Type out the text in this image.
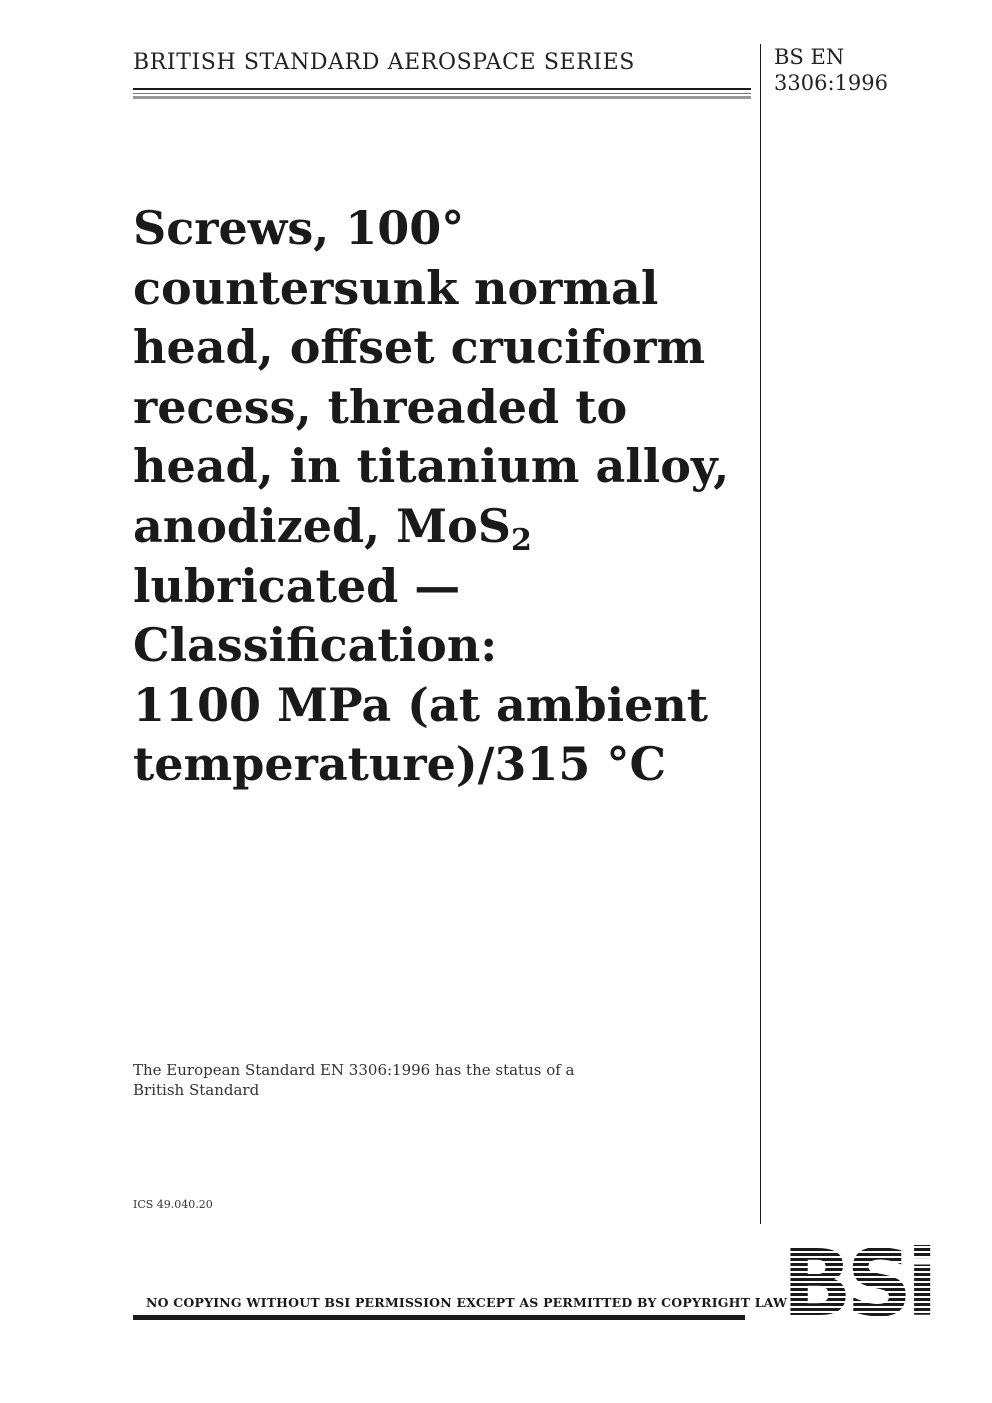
BRITISH STANDARD AEROSPACE SERIES	BS EN
3306:1996
Screws, 100°
countersunk normal
head, offset cruciform
recess, threaded to
head, in titanium alloy,
anodized, MoS$_2$
lubricated —
Classification:
1100 MPa (at ambient
temperature)/315 °C
The European Standard EN 3306:1996 has the status of a
British Standard
ICS 49.040.20
NO COPYING WITHOUT BSI PERMISSION EXCEPT AS PERMITTED BY COPYRIGHT LAW
BSi
